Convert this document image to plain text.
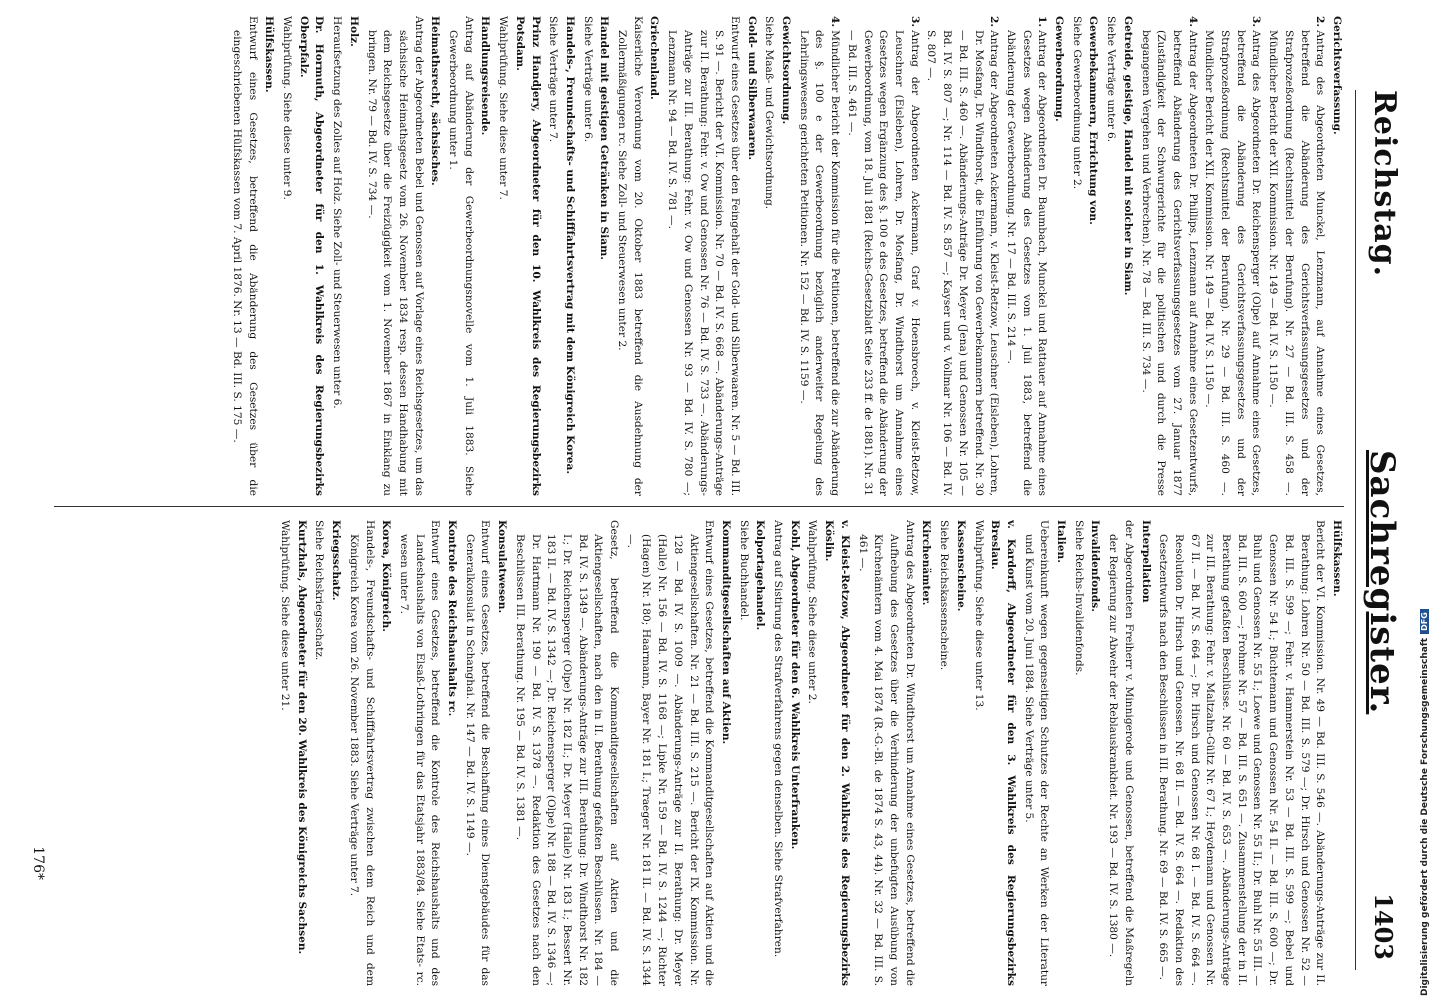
Reichstag.
Sachregister.
1403
Gerichtsverfassung.
2.Antrag des Abgeordneten Munckel, Lenzmann, auf Annahme eines Gesetzes, betreffend die Abänderung des Gerichtsverfassungsgesetzes und der Strafprozeßordnung (Rechtsmittel der Berufung). Nr. 27 — Bd. III. S. 458 —. Mündlicher Bericht der XII. Kommission. Nr. 149 — Bd. IV. S. 1150 —.
3.Antrag des Abgeordneten Dr. Reichensperger (Olpe) auf Annahme eines Gesetzes, betreffend die Abänderung des Gerichtsverfassungsgesetzes und der Strafprozeßordnung (Rechtsmittel der Berufung). Nr. 29 — Bd. III. S. 460 —. Mündlicher Bericht der XII. Kommission. Nr. 149 — Bd. IV. S. 1150 —.
4.Antrag der Abgeordneten Dr. Phillips, Lenzmann auf Annahme eines Gesetzentwurfs, betreffend Abänderung des Gerichtsverfassungsgesetzes vom 27. Januar 1877 (Zuständigkeit der Schwurgerichte für die politischen und durch die Presse begangenen Vergehen und Verbrechen). Nr. 78 — Bd. III. S. 734 —.
Getreide, geistige, Handel mit solcher in Siam.
Siehe Verträge unter 6.
Gewerbekammern, Errichtung von.
Siehe Gewerbeordnung unter 2.
Gewerbeordnung.
1.Antrag der Abgeordneten Dr. Baumbach, Munckel und Rattauer auf Annahme eines Gesetzes wegen Abänderung des Gesetzes vom 1. Juli 1883, betreffend die Abänderung der Gewerbeordnung. Nr. 17 — Bd. III. S. 214 —.
2.Antrag der Abgeordneten Ackermann, v. Kleist-Retzow, Leuschner (Eisleben), Lohren, Dr. Mosfang, Dr. Windthorst, die Einführung von Gewerbekammern betreffend. Nr. 30 — Bd. III. S. 460 —. Abänderungs-Anträge Dr. Meyer (Jena) und Genossen Nr. 105 — Bd. IV. S. 807 —; Nr. 114 — Bd. IV. S. 857 —; Kayser und v. Vollmar Nr. 106 — Bd. IV. S. 807 —.
3.Antrag der Abgeordneten Ackermann, Graf v. Hoensbroech, v. Kleist-Retzow, Leuschner (Eisleben), Lohren, Dr. Mosfang, Dr. Windthorst um Annahme eines Gesetzes wegen Ergänzung des §. 100 e des Gesetzes, betreffend die Abänderung der Gewerbeordnung, vom 18. Juli 1881 (Reichs-Gesetzblatt Seite 233 ff. de 1881). Nr. 31 — Bd. III. S. 461 —.
4.Mündlicher Bericht der Kommission für die Petitionen, betreffend die zur Abänderung des §. 100 e der Gewerbeordnung bezüglich anderweiter Regelung des Lehrlingswesens gerichteten Petitionen. Nr. 152 — Bd. IV. S. 1159 —.
Gewichtsordnung.
Siehe Maaß- und Gewichtsordnung.
Gold- und Silberwaaren.
Entwurf eines Gesetzes über den Feingehalt der Gold- und Silberwaaren. Nr. 5 — Bd. III. S. 91 —. Bericht der VI. Kommission. Nr. 70 — Bd. IV. S. 668 —. Abänderungs-Anträge zur II. Berathung: Fehr. v. Ow und Genossen Nr. 76 — Bd. IV. S. 733 —. Abänderungs-Anträge zur III. Berathung: Fehr. v. Ow und Genossen Nr. 93 — Bd. IV. S. 780 —; Lenzmann Nr. 94 — Bd. IV. S. 781 —.
Griechenland.
Kaiserliche Verordnung vom 20. Oktober 1883 betreffend die Ausdehnung der Zollermäßigungen rc. Siehe Zoll- und Steuerwesen unter 2.
Handel mit geistigen Getränken in Siam.
Siehe Verträge unter 6.
Handels-, Freundschafts- und Schifffahrtsvertrag mit dem Königreich Korea.
Siehe Verträge unter 7.
Prinz Handjery, Abgeordneter für den 10. Wahlkreis des Regierungsbezirks Potsdam.
Wahlprüfung. Siehe diese unter 7.
Handlungsreisende.
Antrag auf Abänderung der Gewerbeordnungsnovelle vom 1. Juli 1883. Siehe Gewerbeordnung unter 1.
Heimathsrecht, sächsisches.
Antrag der Abgeordneten Bebel und Genossen auf Vorlage eines Reichsgesetzes, um das sächsische Heimathsgesetz vom 26. November 1834 resp. dessen Handhabung mit dem Reichsgesetze über die Freizügigkeit vom 1. November 1867 in Einklang zu bringen. Nr. 79 — Bd. IV. S. 734 —.
Holz.
Heraufsetzung des Zolles auf Holz. Siehe Zoll- und Steuerwesen unter 6.
Dr. Hormuth, Abgeordneter für den 1. Wahlkreis des Regierungsbezirks Oberpfalz.
Wahlprüfung. Siehe diese unter 9.
Hülfskassen.
Entwurf eines Gesetzes, betreffend die Abänderung des Gesetzes über die eingeschriebenen Hülfskassen vom 7. April 1876. Nr. 13 — Bd. III. S. 175 —.
Hülfskassen.
Bericht der VI. Kommission. Nr. 49 — Bd. III. S. 546 —. Abänderungs-Anträge zur II. Berathung: Lohren Nr. 50 — Bd. III. S. 579 —; Dr. Hirsch und Genossen Nr. 52 — Bd. III. S. 599 —; Fehr. v. Hammerstein Nr. 53 — Bd. III. S. 599 —; Bebel und Genossen Nr. 54 I.; Büchtemann und Genossen Nr. 54 II. — Bd. III. S. 600 —; Dr. Buhl und Genossen Nr. 55 I.; Loewe und Genossen Nr. 55 II.; Dr. Buhl Nr. 55 III. — Bd. III. S. 600 —; Frohme Nr. 57 — Bd. III. S. 651 —. Zusammenstellung der in II. Berathung gefaßten Beschlüsse. Nr. 60 — Bd. IV. S. 653 —. Abänderungs-Anträge zur III. Berathung: Fehr. v. Maltzahn-Gültz Nr. 67 I.; Heydemann und Genossen Nr. 67 II. — Bd. IV. S. 664 —; Dr. Hirsch und Genossen Nr. 68 I. — Bd. IV. S. 664 —. Resolution Dr. Hirsch und Genossen. Nr. 68 II. — Bd. IV. S. 664 —. Redaktion des Gesetzentwurfs nach den Beschlüssen in III. Berathung. Nr. 69 — Bd. IV. S. 665 —.
Interpellation
der Abgeordneten Freiherr v. Minnigerode und Genossen, betreffend die Maßregeln der Regierung zur Abwehr der Reblauskrankheit. Nr. 193 — Bd. IV. S. 1380 —.
Invalidenfonds.
Siehe Reichs-Invalidenfonds.
Italien.
Uebereinkunft wegen gegenseitigen Schutzes der Rechte an Werken der Literatur und Kunst vom 20. Juni 1884. Siehe Verträge unter 5.
v. Kardorff, Abgeordneter für den 3. Wahlkreis des Regierungsbezirks Breslau.
Wahlprüfung. Siehe diese unter 13.
Kassenscheine.
Siehe Reichskassenscheine.
Kirchenämter.
Antrag des Abgeordneten Dr. Windthorst um Annahme eines Gesetzes, betreffend die Aufhebung des Gesetzes über die Verhinderung der unbefugten Ausübung von Kirchenämtern vom 4. Mai 1874 (R.-G.-Bl. de 1874 S. 43, 44). Nr. 32 — Bd. III. S. 461 —.
v. Kleist-Retzow, Abgeordneter für den 2. Wahlkreis des Regierungsbezirks Köslin.
Wahlprüfung. Siehe diese unter 2.
Kohl, Abgeordneter für den 6. Wahlkreis Unterfranken.
Antrag auf Sistirung des Strafverfahrens gegen denselben. Siehe Strafverfahren.
Kolportagehandel.
Siehe Buchhandel.
Kommanditgesellschaften auf Aktien.
Entwurf eines Gesetzes, betreffend die Kommanditgesellschaften auf Aktien und die Aktiengesellschaften. Nr. 21 — Bd. III. S. 215 —. Bericht der IX. Kommission. Nr. 128 — Bd. IV. S. 1009 —. Abänderungs-Anträge zur II. Berathung: Dr. Meyer (Halle) Nr. 156 — Bd. IV. S. 1168 —; Lipke Nr. 159 — Bd. IV. S. 1244 —; Richter (Hagen) Nr. 180; Haarmann, Bayer Nr. 181 I.; Traeger Nr. 181 II. — Bd. IV. S. 1344 —.
Gesetz, betreffend die Kommanditgesellschaften auf Aktien und die Aktiengesellschaften, nach den in II. Berathung gefaßten Beschlüssen. Nr. 184 — Bd. IV. S. 1349 —. Abänderungs-Anträge zur III. Berathung: Dr. Windthorst Nr. 182 I.; Dr. Reichensperger (Olpe) Nr. 182 II.; Dr. Meyer (Halle) Nr. 183 I.; Bessert Nr. 183 II. — Bd. IV. S. 1342 —; Dr. Reichensperger (Olpe) Nr. 188 — Bd. IV. S. 1346 —; Dr. Hartmann Nr. 190 — Bd. IV. S. 1378 —. Redaktion des Gesetzes nach den Beschlüssen III. Berathung. Nr. 195 — Bd. IV. S. 1381 —.
Konsulatwesen.
Entwurf eines Gesetzes, betreffend die Beschaffung eines Dienstgebäudes für das Generalkonsulat in Schanghai. Nr. 147 — Bd. IV. S. 1149 —.
Kontrole des Reichshaushalts rc.
Entwurf eines Gesetzes, betreffend die Kontrole des Reichshaushalts und des Landeshaushalts von Elsaß-Lothringen für das Etatsjahr 1883/84. Siehe Etats- rc. wesen unter 7.
Korea, Königreich.
Handels-, Freundschafts- und Schifffahrtsvertrag zwischen dem Reich und dem Königreich Korea vom 26. November 1883. Siehe Verträge unter 7.
Kriegsschatz.
Siehe Reichskriegsschatz.
Kurtzhals, Abgeordneter für den 20. Wahlkreis des Königreichs Sachsen.
Wahlprüfung. Siehe diese unter 21.
176*	Digitalisierung gefördert durch die Deutsche ForschungsgemeinschaftDFG
